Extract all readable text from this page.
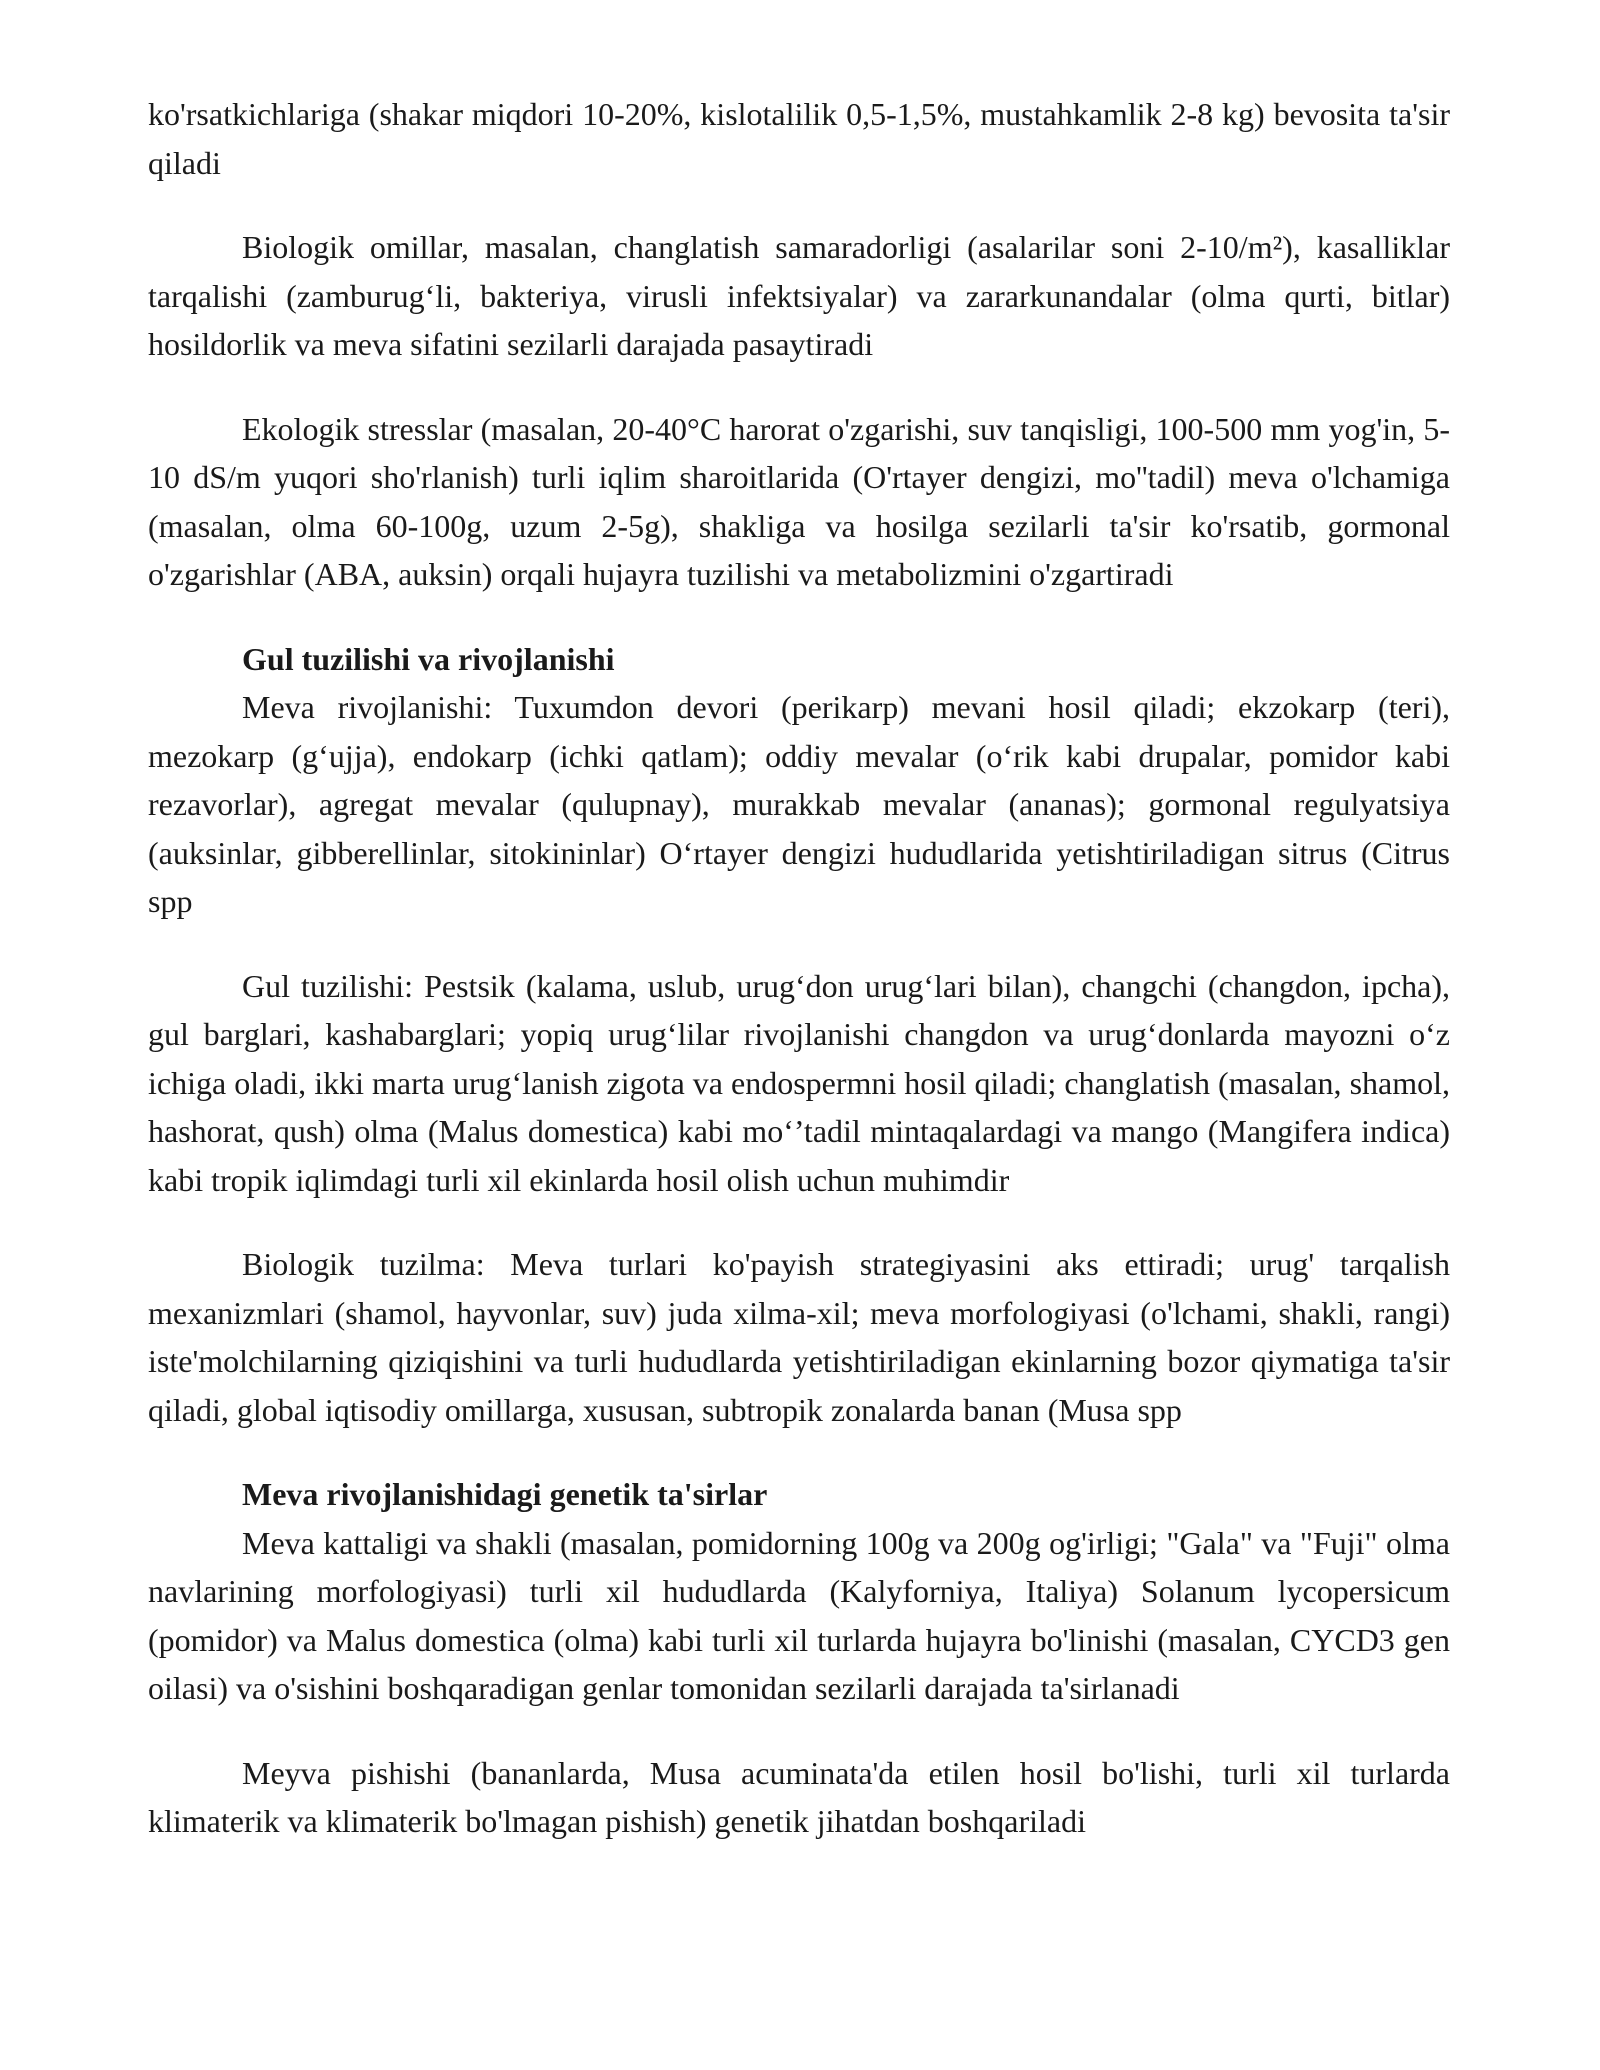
ko'rsatkichlariga (shakar miqdori 10-20%, kislotalilik 0,5-1,5%, mustahkamlik 2-8 kg) bevosita ta'sir qiladi

Biologik omillar, masalan, changlatish samaradorligi (asalarilar soni 2-10/m²), kasalliklar tarqalishi (zamburug‘li, bakteriya, virusli infektsiyalar) va zararkunandalar (olma qurti, bitlar) hosildorlik va meva sifatini sezilarli darajada pasaytiradi

Ekologik stresslar (masalan, 20-40°C harorat o'zgarishi, suv tanqisligi, 100-500 mm yog'in, 5-10 dS/m yuqori sho'rlanish) turli iqlim sharoitlarida (O'rtayer dengizi, mo''tadil) meva o'lchamiga (masalan, olma 60-100g, uzum 2-5g), shakliga va hosilga sezilarli ta'sir ko'rsatib, gormonal o'zgarishlar (ABA, auksin) orqali hujayra tuzilishi va metabolizmini o'zgartiradi

Gul tuzilishi va rivojlanishi

Meva rivojlanishi: Tuxumdon devori (perikarp) mevani hosil qiladi; ekzokarp (teri), mezokarp (g‘ujja), endokarp (ichki qatlam); oddiy mevalar (o‘rik kabi drupalar, pomidor kabi rezavorlar), agregat mevalar (qulupnay), murakkab mevalar (ananas); gormonal regulyatsiya (auksinlar, gibberellinlar, sitokininlar) O‘rtayer dengizi hududlarida yetishtiriladigan sitrus (Citrus spp

Gul tuzilishi: Pestsik (kalama, uslub, urug‘don urug‘lari bilan), changchi (changdon, ipcha), gul barglari, kashabarglari; yopiq urug‘lilar rivojlanishi changdon va urug‘donlarda mayozni o‘z ichiga oladi, ikki marta urug‘lanish zigota va endospermni hosil qiladi; changlatish (masalan, shamol, hashorat, qush) olma (Malus domestica) kabi mo‘’tadil mintaqalardagi va mango (Mangifera indica) kabi tropik iqlimdagi turli xil ekinlarda hosil olish uchun muhimdir

Biologik tuzilma: Meva turlari ko'payish strategiyasini aks ettiradi; urug' tarqalish mexanizmlari (shamol, hayvonlar, suv) juda xilma-xil; meva morfologiyasi (o'lchami, shakli, rangi) iste'molchilarning qiziqishini va turli hududlarda yetishtiriladigan ekinlarning bozor qiymatiga ta'sir qiladi, global iqtisodiy omillarga, xususan, subtropik zonalarda banan (Musa spp

Meva rivojlanishidagi genetik ta'sirlar

Meva kattaligi va shakli (masalan, pomidorning 100g va 200g og'irligi; "Gala" va "Fuji" olma navlarining morfologiyasi) turli xil hududlarda (Kalyforniya, Italiya) Solanum lycopersicum (pomidor) va Malus domestica (olma) kabi turli xil turlarda hujayra bo'linishi (masalan, CYCD3 gen oilasi) va o'sishini boshqaradigan genlar tomonidan sezilarli darajada ta'sirlanadi

Meyva pishishi (bananlarda, Musa acuminata'da etilen hosil bo'lishi, turli xil turlarda klimaterik va klimaterik bo'lmagan pishish) genetik jihatdan boshqariladi
